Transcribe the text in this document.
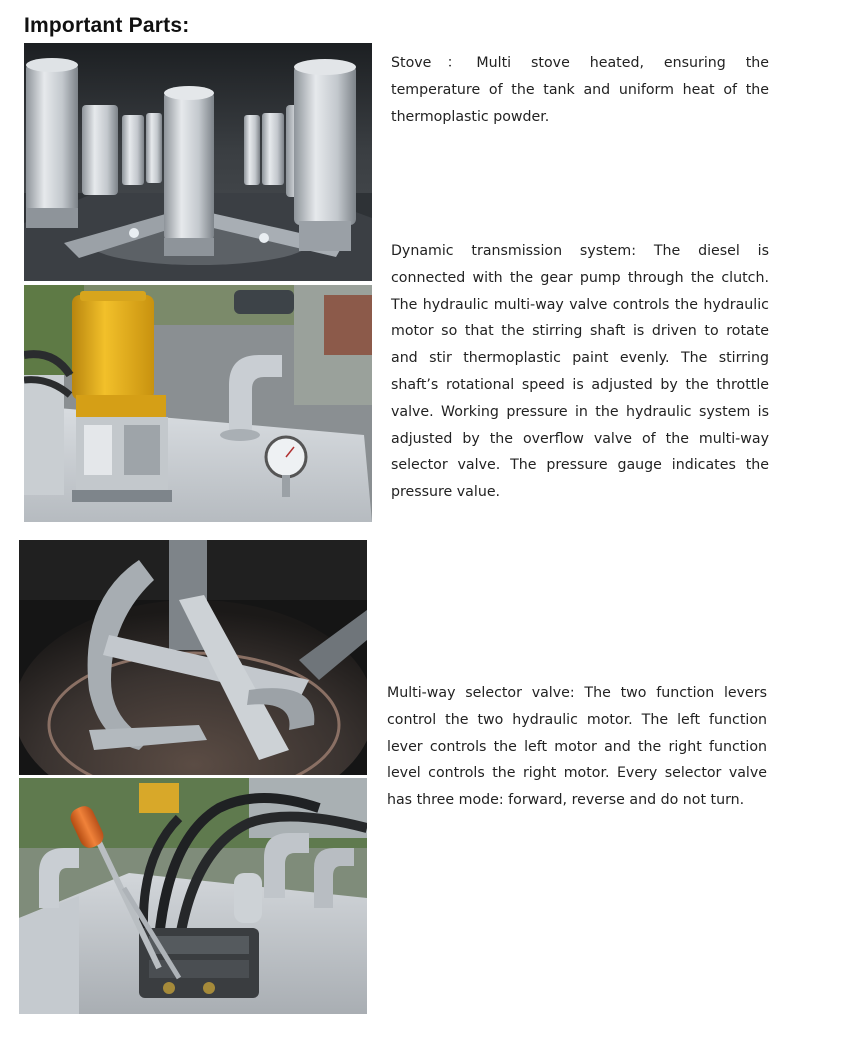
Important Parts:

Stove：Multi stove heated, ensuring the temperature of the tank and uniform heat of the thermoplastic powder.

Dynamic transmission system: The diesel is connected with the gear pump through the clutch. The hydraulic multi-way valve controls the hydraulic motor so that the stirring shaft is driven to rotate and stir thermoplastic paint evenly. The stirring shaft’s rotational speed is adjusted by the throttle valve. Working pressure in the hydraulic system is adjusted by the overflow valve of the multi-way selector valve. The pressure gauge indicates the pressure value.

Multi-way selector valve: The two function levers control the two hydraulic motor. The left function lever controls the left motor and the right function level controls the right motor. Every selector valve has three mode: forward, reverse and do not turn.
